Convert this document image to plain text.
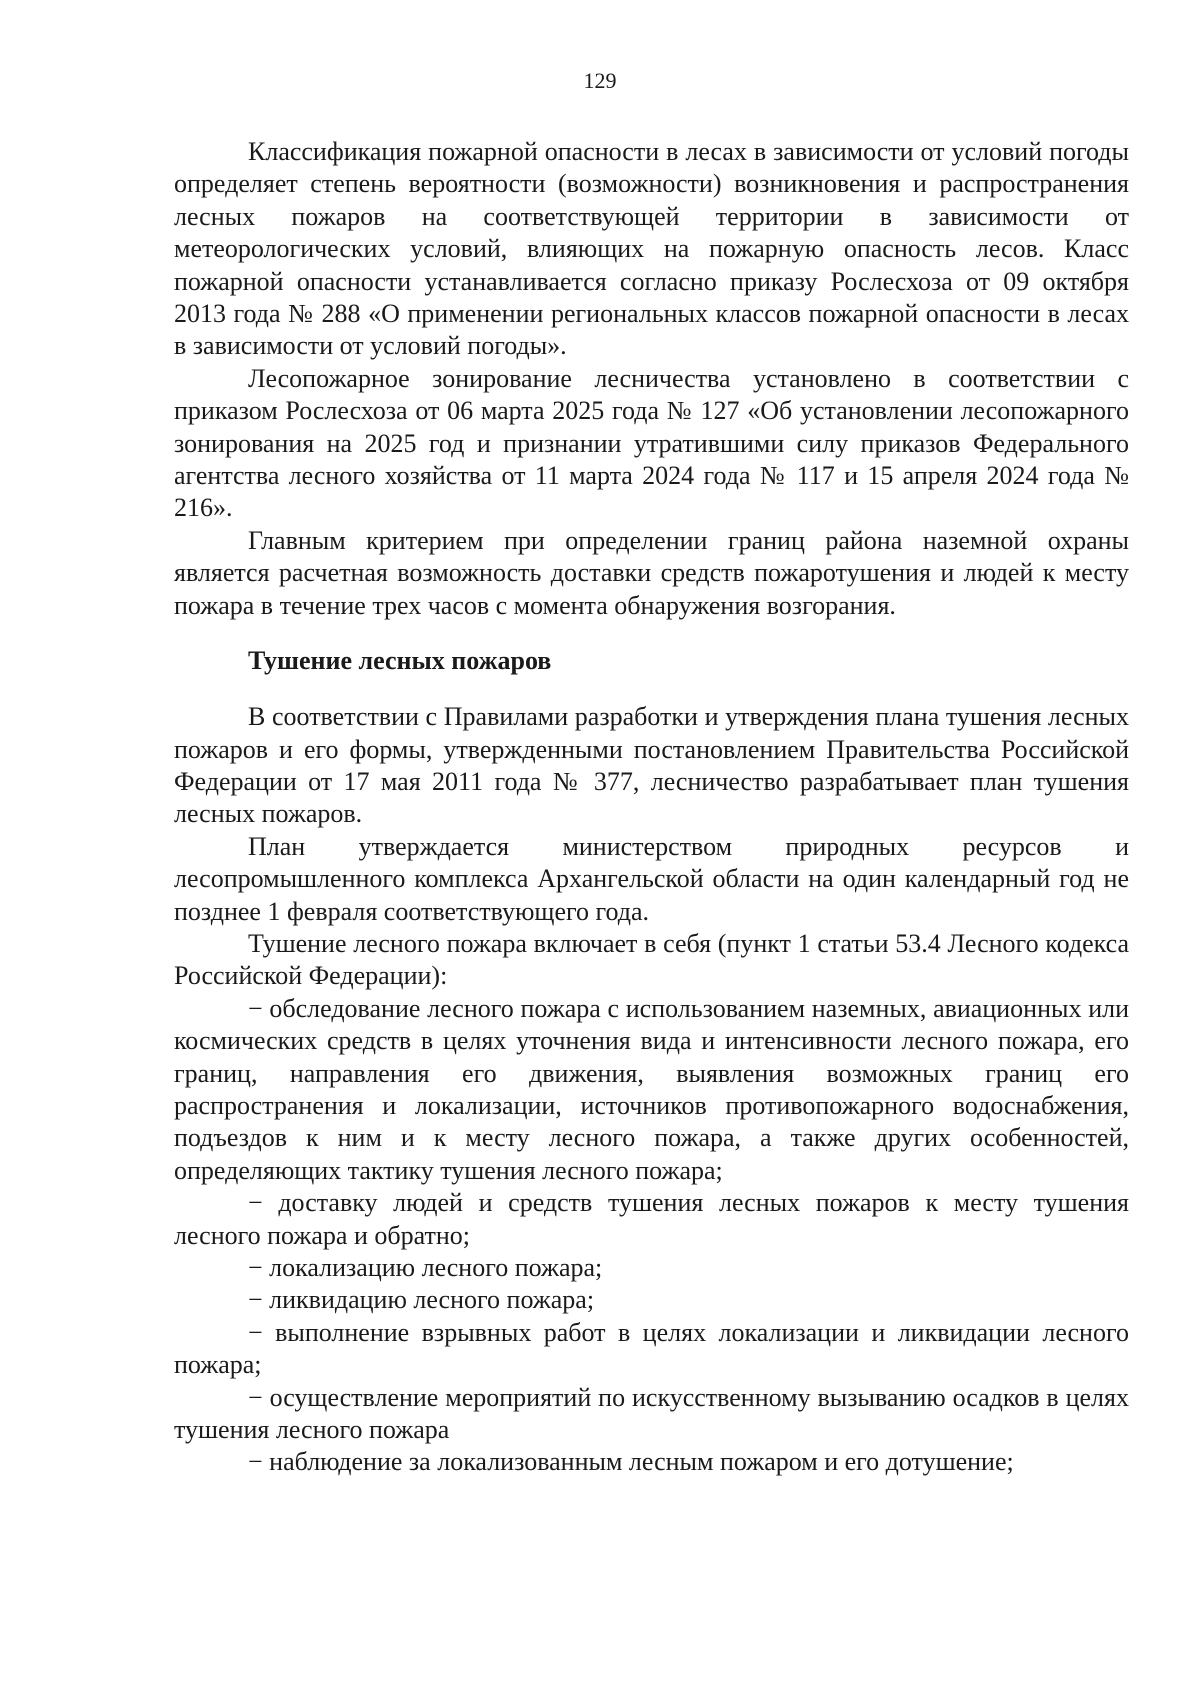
129

Классификация пожарной опасности в лесах в зависимости от условий погоды определяет степень вероятности (возможности) возникновения и распространения лесных пожаров на соответствующей территории в зависимости от метеорологических условий, влияющих на пожарную опасность лесов. Класс пожарной опасности устанавливается согласно приказу Рослесхоза от 09 октября 2013 года № 288 «О применении региональных классов пожарной опасности в лесах в зависимости от условий погоды».

Лесопожарное зонирование лесничества установлено в соответствии с приказом Рослесхоза от 06 марта 2025 года № 127 «Об установлении лесопожарного зонирования на 2025 год и признании утратившими силу приказов Федерального агентства лесного хозяйства от 11 марта 2024 года № 117 и 15 апреля 2024 года № 216».

Главным критерием при определении границ района наземной охраны является расчетная возможность доставки средств пожаротушения и людей к месту пожара в течение трех часов с момента обнаружения возгорания.

Тушение лесных пожаров

В соответствии с Правилами разработки и утверждения плана тушения лесных пожаров и его формы, утвержденными постановлением Правительства Российской Федерации от 17 мая 2011 года № 377, лесничество разрабатывает план тушения лесных пожаров.

План утверждается министерством природных ресурсов и лесопромышленного комплекса Архангельской области на один календарный год не позднее 1 февраля соответствующего года.

Тушение лесного пожара включает в себя (пункт 1 статьи 53.4 Лесного кодекса Российской Федерации):

− обследование лесного пожара с использованием наземных, авиационных или космических средств в целях уточнения вида и интенсивности лесного пожара, его границ, направления его движения, выявления возможных границ его распространения и локализации, источников противопожарного водоснабжения, подъездов к ним и к месту лесного пожара, а также других особенностей, определяющих тактику тушения лесного пожара;

− доставку людей и средств тушения лесных пожаров к месту тушения лесного пожара и обратно;

− локализацию лесного пожара;

− ликвидацию лесного пожара;

− выполнение взрывных работ в целях локализации и ликвидации лесного пожара;

− осуществление мероприятий по искусственному вызыванию осадков в целях тушения лесного пожара

− наблюдение за локализованным лесным пожаром и его дотушение;
